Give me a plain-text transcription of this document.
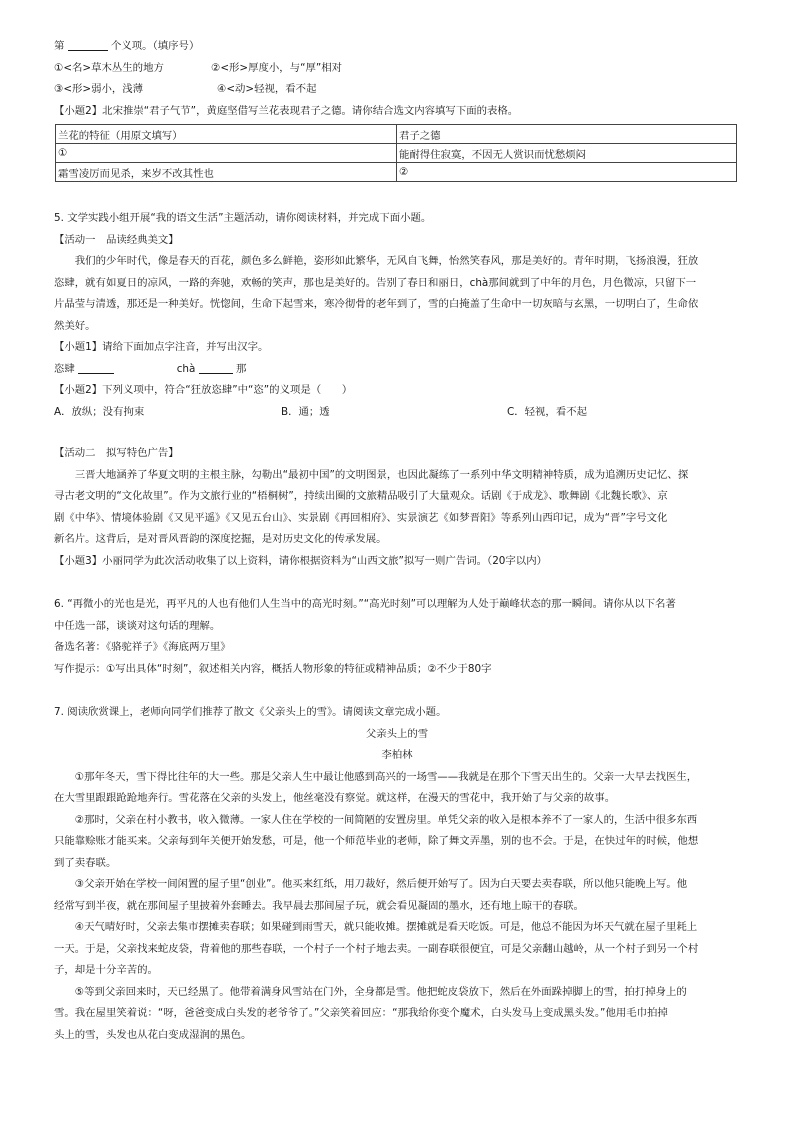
第	个义项。（填序号）
①<名>草木丛生的地方	②<形>厚度小，与“厚”相对
③<形>弱小，浅薄	④<动>轻视，看不起
【小题2】北宋推崇“君子气节”，黄庭坚借写兰花表现君子之德。请你结合选文内容填写下面的表格。
兰花的特征（用原文填写）	君子之德
①	能耐得住寂寞，不因无人赏识而忧愁烦闷
霜雪凌厉而见杀，来岁不改其性也	②
5. 文学实践小组开展“我的语文生活”主题活动，请你阅读材料，并完成下面小题。
【活动一　品读经典美文】
我们的少年时代，像是春天的百花，颜色多么鲜艳，姿形如此繁华，无风自飞舞，怡然笑春风，那是美好的。青年时期，飞扬浪漫，狂放
恣肆，就有如夏日的凉风，一路的奔驰，欢畅的笑声，那也是美好的。告别了春日和丽日，chà那间就到了中年的月色，月色微凉，只留下一
片晶莹与清透，那还是一种美好。恍惚间，生命下起雪来，寒冷彻骨的老年到了，雪的白掩盖了生命中一切灰暗与玄黑，一切明白了，生命依
然美好。
【小题1】请给下面加点字注音，并写出汉字。
恣肆	chà	那
【小题2】下列义项中，符合“狂放恣肆”中“恣”的义项是（　　）
A．放纵；没有拘束	B．通；透	C．轻视，看不起
【活动二　拟写特色广告】
三晋大地涵养了华夏文明的主根主脉，勾勒出“最初中国”的文明图景，也因此凝练了一系列中华文明精神特质，成为追溯历史记忆、探
寻古老文明的“文化故里”。作为文旅行业的“梧桐树”，持续出圈的文旅精品吸引了大量观众。话剧《于成龙》、歌舞剧《北魏长歌》、京
剧《中华》、情境体验剧《又见平遥》《又见五台山》、实景剧《再回相府》、实景演艺《如梦晋阳》等系列山西印记，成为“晋”字号文化
新名片。这背后，是对晋风晋韵的深度挖掘，是对历史文化的传承发展。
【小题3】小丽同学为此次活动收集了以上资料，请你根据资料为“山西文旅”拟写一则广告词。（20字以内）
6. “再微小的光也是光，再平凡的人也有他们人生当中的高光时刻。”“高光时刻”可以理解为人处于巅峰状态的那一瞬间。请你从以下名著
中任选一部，谈谈对这句话的理解。
备选名著：《骆驼祥子》《海底两万里》
写作提示：①写出具体“时刻”，叙述相关内容，概括人物形象的特征或精神品质；②不少于80字
7. 阅读欣赏课上，老师向同学们推荐了散文《父亲头上的雪》。请阅读文章完成小题。
父亲头上的雪
李柏林
①那年冬天，雪下得比往年的大一些。那是父亲人生中最让他感到高兴的一场雪——我就是在那个下雪天出生的。父亲一大早去找医生，
在大雪里跟跟跄跄地奔行。雪花落在父亲的头发上，他丝毫没有察觉。就这样，在漫天的雪花中，我开始了与父亲的故事。
②那时，父亲在村小教书，收入微薄。一家人住在学校的一间简陋的安置房里。单凭父亲的收入是根本养不了一家人的，生活中很多东西
只能靠赊账才能买来。父亲每到年关便开始发愁，可是，他一个师范毕业的老师，除了舞文弄墨，别的也不会。于是，在快过年的时候，他想
到了卖春联。
③父亲开始在学校一间闲置的屋子里“创业”。他买来红纸，用刀裁好，然后便开始写了。因为白天要去卖春联，所以他只能晚上写。他
经常写到半夜，就在那间屋子里披着外套睡去。我早晨去那间屋子玩，就会看见凝固的墨水，还有地上晾干的春联。
④天气晴好时，父亲去集市摆摊卖春联；如果碰到雨雪天，就只能收摊。摆摊就是看天吃饭。可是，他总不能因为坏天气就在屋子里耗上
一天。于是，父亲找来蛇皮袋，背着他的那些春联，一个村子一个村子地去卖。一副春联很便宜，可是父亲翻山越岭，从一个村子到另一个村
子，却是十分辛苦的。
⑤等到父亲回来时，天已经黑了。他带着满身风雪站在门外，全身都是雪。他把蛇皮袋放下，然后在外面跺掉脚上的雪，拍打掉身上的
雪。我在屋里笑着说：“呀，爸爸变成白头发的老爷爷了。”父亲笑着回应：“那我给你变个魔术，白头发马上变成黑头发。”他用毛巾拍掉
头上的雪，头发也从花白变成湿润的黑色。
